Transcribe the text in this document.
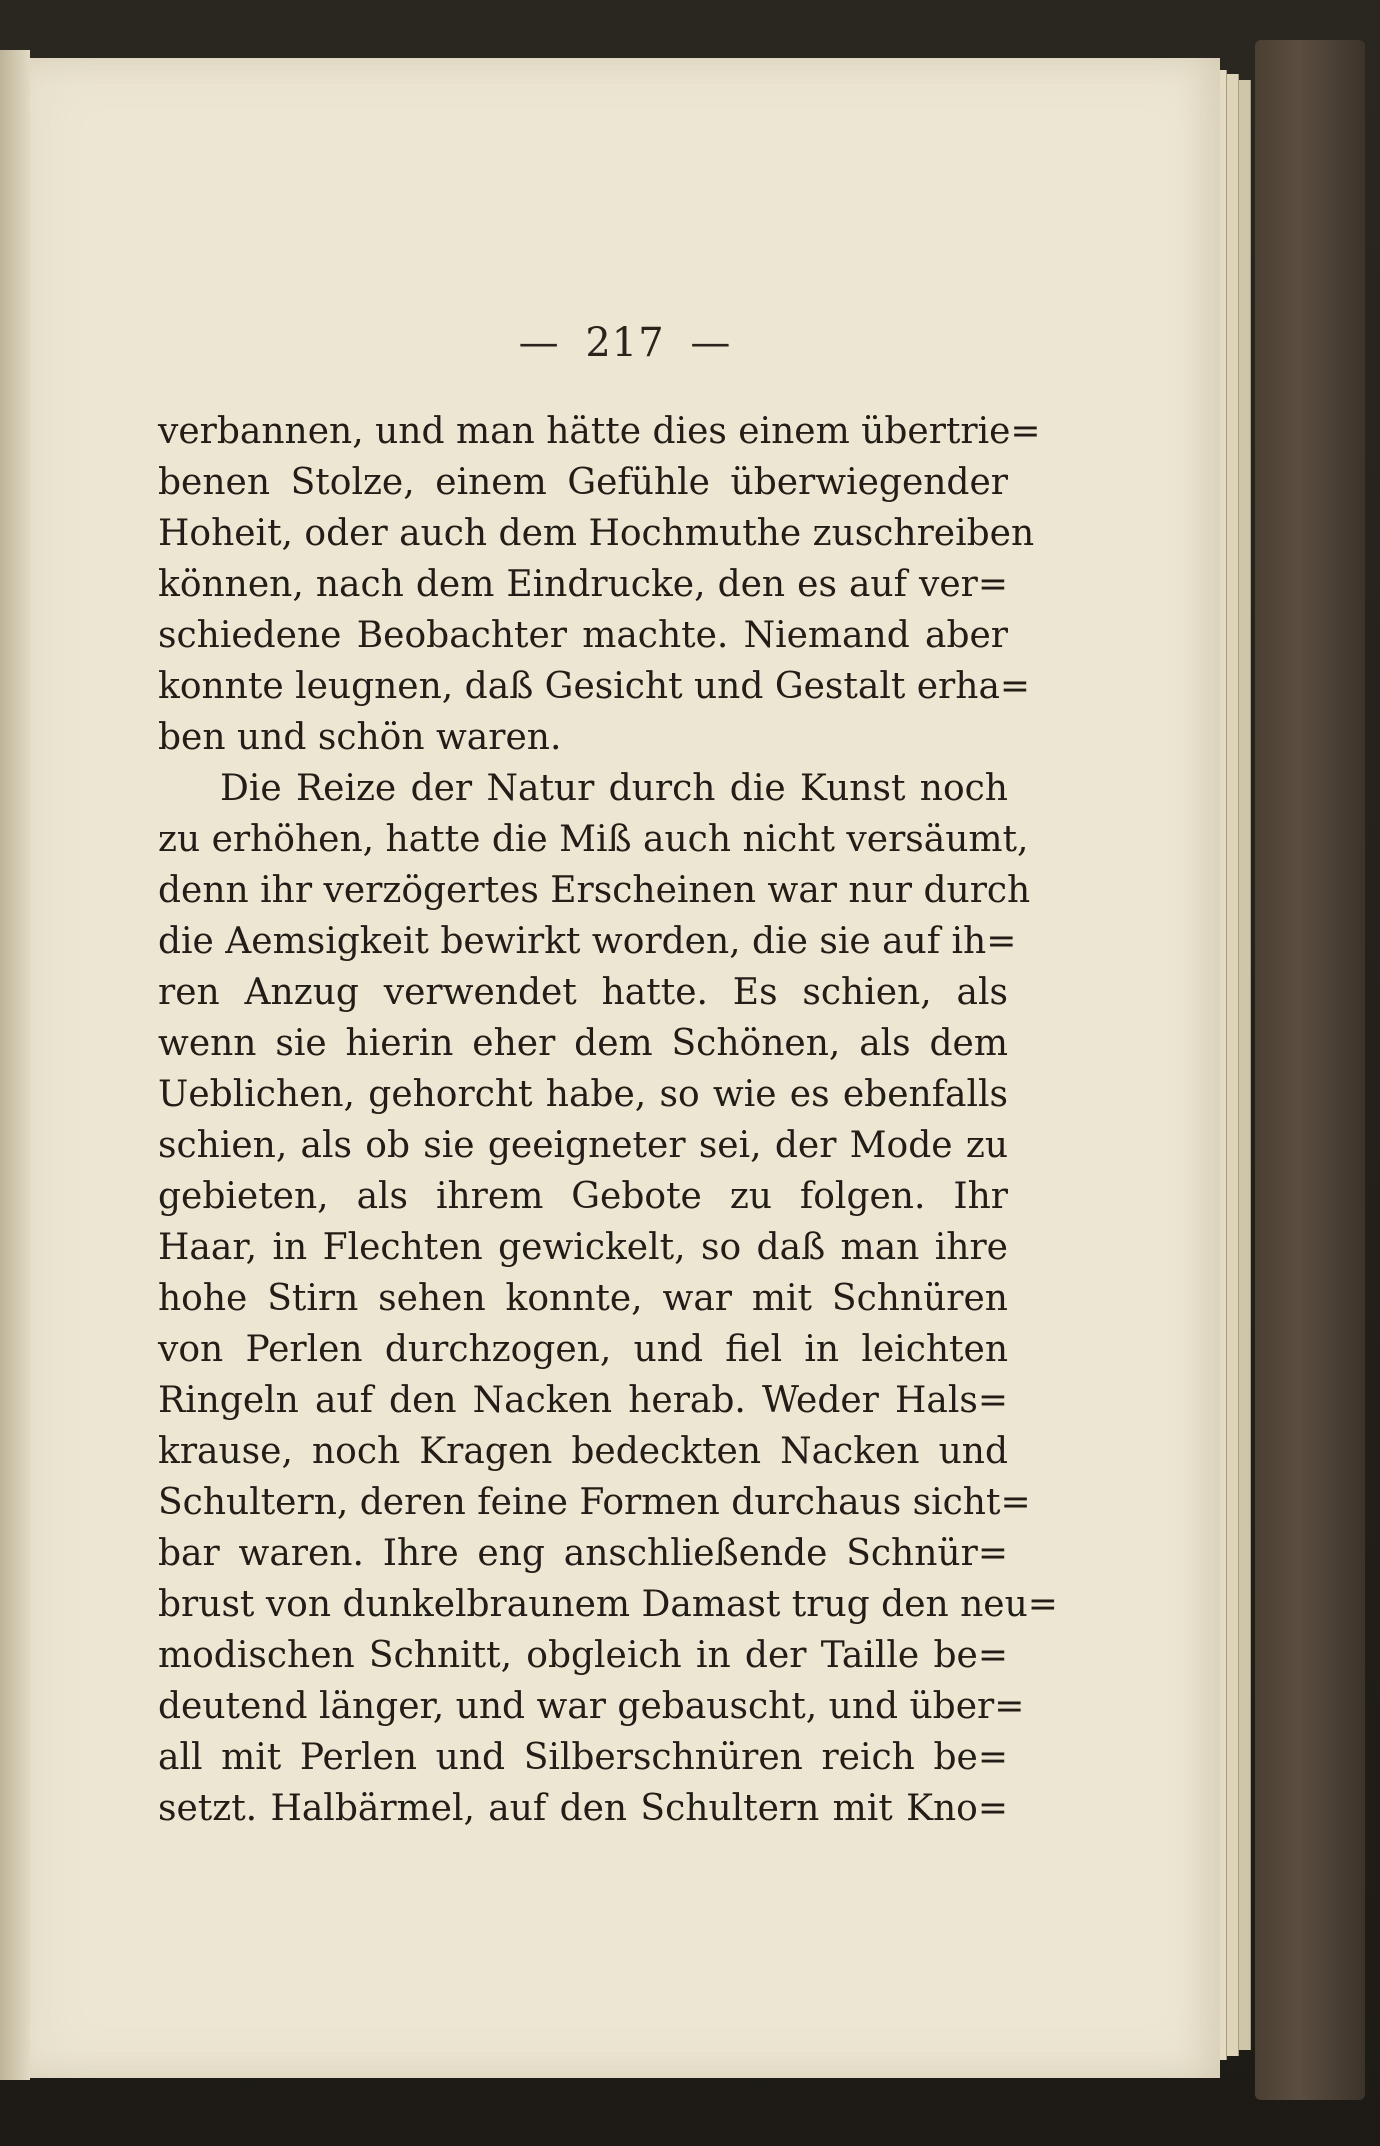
— 217 —
verbannen, und man hätte dies einem übertrie=
benen Stolze, einem Gefühle überwiegender
Hoheit, oder auch dem Hochmuthe zuschreiben
können, nach dem Eindrucke, den es auf ver=
schiedene Beobachter machte. Niemand aber
konnte leugnen, daß Gesicht und Gestalt erha=
ben und schön waren.
Die Reize der Natur durch die Kunst noch
zu erhöhen, hatte die Miß auch nicht versäumt,
denn ihr verzögertes Erscheinen war nur durch
die Aemsigkeit bewirkt worden, die sie auf ih=
ren Anzug verwendet hatte. Es schien, als
wenn sie hierin eher dem Schönen, als dem
Ueblichen, gehorcht habe, so wie es ebenfalls
schien, als ob sie geeigneter sei, der Mode zu
gebieten, als ihrem Gebote zu folgen. Ihr
Haar, in Flechten gewickelt, so daß man ihre
hohe Stirn sehen konnte, war mit Schnüren
von Perlen durchzogen, und fiel in leichten
Ringeln auf den Nacken herab. Weder Hals=
krause, noch Kragen bedeckten Nacken und
Schultern, deren feine Formen durchaus sicht=
bar waren. Ihre eng anschließende Schnür=
brust von dunkelbraunem Damast trug den neu=
modischen Schnitt, obgleich in der Taille be=
deutend länger, und war gebauscht, und über=
all mit Perlen und Silberschnüren reich be=
setzt. Halbärmel, auf den Schultern mit Kno=
